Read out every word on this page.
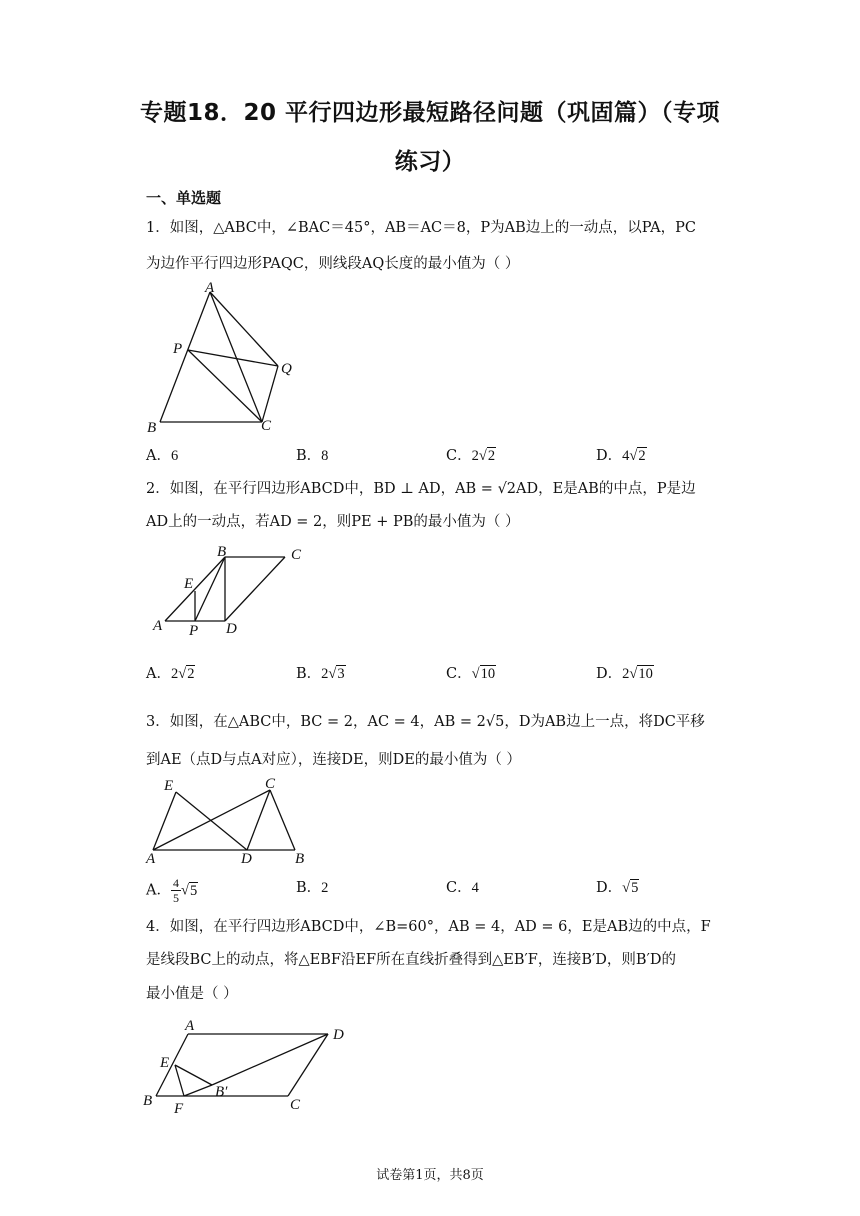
专题18．20 平行四边形最短路径问题（巩固篇）（专项
练习）
一、单选题
1．如图，△ABC中，∠BAC＝45°，AB＝AC＝8，P为AB边上的一动点，以PA，PC
为边作平行四边形PAQC，则线段AQ长度的最小值为（ ）
A
P
Q
B	C
A．6	B．8	C．2√2	D．4√2
2．如图，在平行四边形ABCD中，BD ⊥ AD，AB = √2AD，E是AB的中点，P是边
AD上的一动点，若AD = 2，则PE + PB的最小值为（ ）
B	C
E
A P D
A．2√2	B．2√3	C．√10	D．2√10
3．如图，在△ABC中，BC = 2，AC = 4，AB = 2√5，D为AB边上一点，将DC平移
到AE（点D与点A对应），连接DE，则DE的最小值为（ ）
E	C
A	D	B
A． $\frac{4}{5} √5$	B．2	C．4	D．√5
4．如图，在平行四边形ABCD中，∠B=60°，AB = 4，AD = 6，E是AB边的中点，F
是线段BC上的动点，将△EBF沿EF所在直线折叠得到△EB′F，连接B′D，则B′D的
最小值是（ ）
A
D
E
B F
B′
C
试卷第1页，共8页
